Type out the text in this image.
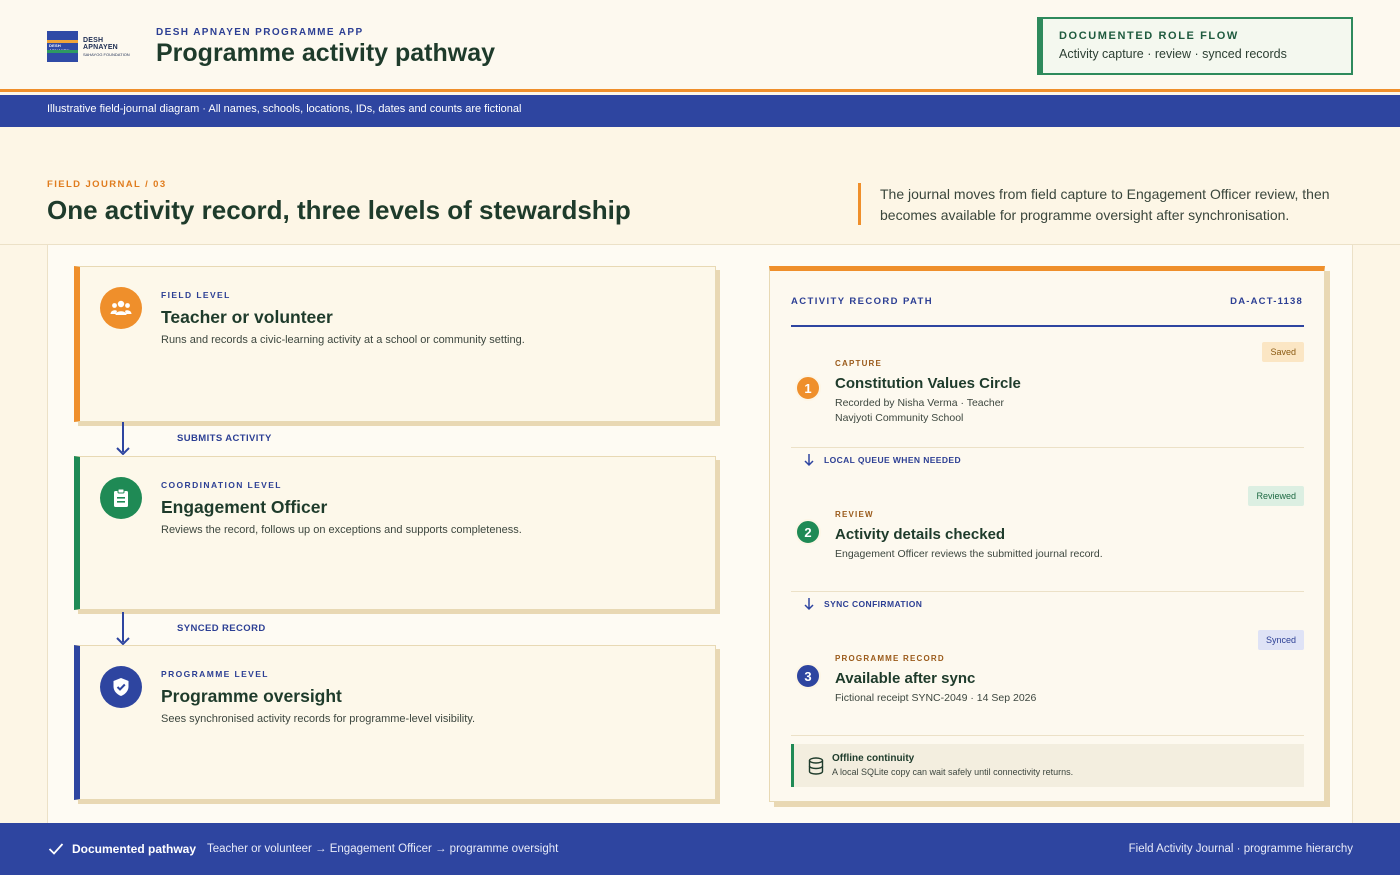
DESH
DESH APNAYEN
SAHAYOG FOUNDATION
DESH APNAYEN PROGRAMME APP
Programme activity pathway
DOCUMENTED ROLE FLOW
Activity capture · review · synced records
Illustrative field-journal diagram · All names, schools, locations, IDs, dates and counts are fictional
FIELD JOURNAL / 03
One activity record, three levels of stewardship
The journal moves from field capture to Engagement Officer review, then becomes available for programme oversight after synchronisation.
FIELD LEVEL
Teacher or volunteer
Runs and records a civic-learning activity at a school or community setting.
SUBMITS ACTIVITY
COORDINATION LEVEL
Engagement Officer
Reviews the record, follows up on exceptions and supports completeness.
SYNCED RECORD
PROGRAMME LEVEL
Programme oversight
Sees synchronised activity records for programme-level visibility.
ACTIVITY RECORD PATH	DA-ACT-1138
Saved
1
CAPTURE
Constitution Values Circle
Recorded by Nisha Verma · Teacher
Navjyoti Community School
LOCAL QUEUE WHEN NEEDED
Reviewed
2
REVIEW
Activity details checked
Engagement Officer reviews the submitted journal record.
SYNC CONFIRMATION
Synced
3
PROGRAMME RECORD
Available after sync
Fictional receipt SYNC-2049 · 14 Sep 2026
Offline continuity
A local SQLite copy can wait safely until connectivity returns.
Documented pathway Teacher or volunteer → Engagement Officer → programme oversight	Field Activity Journal · programme hierarchy
